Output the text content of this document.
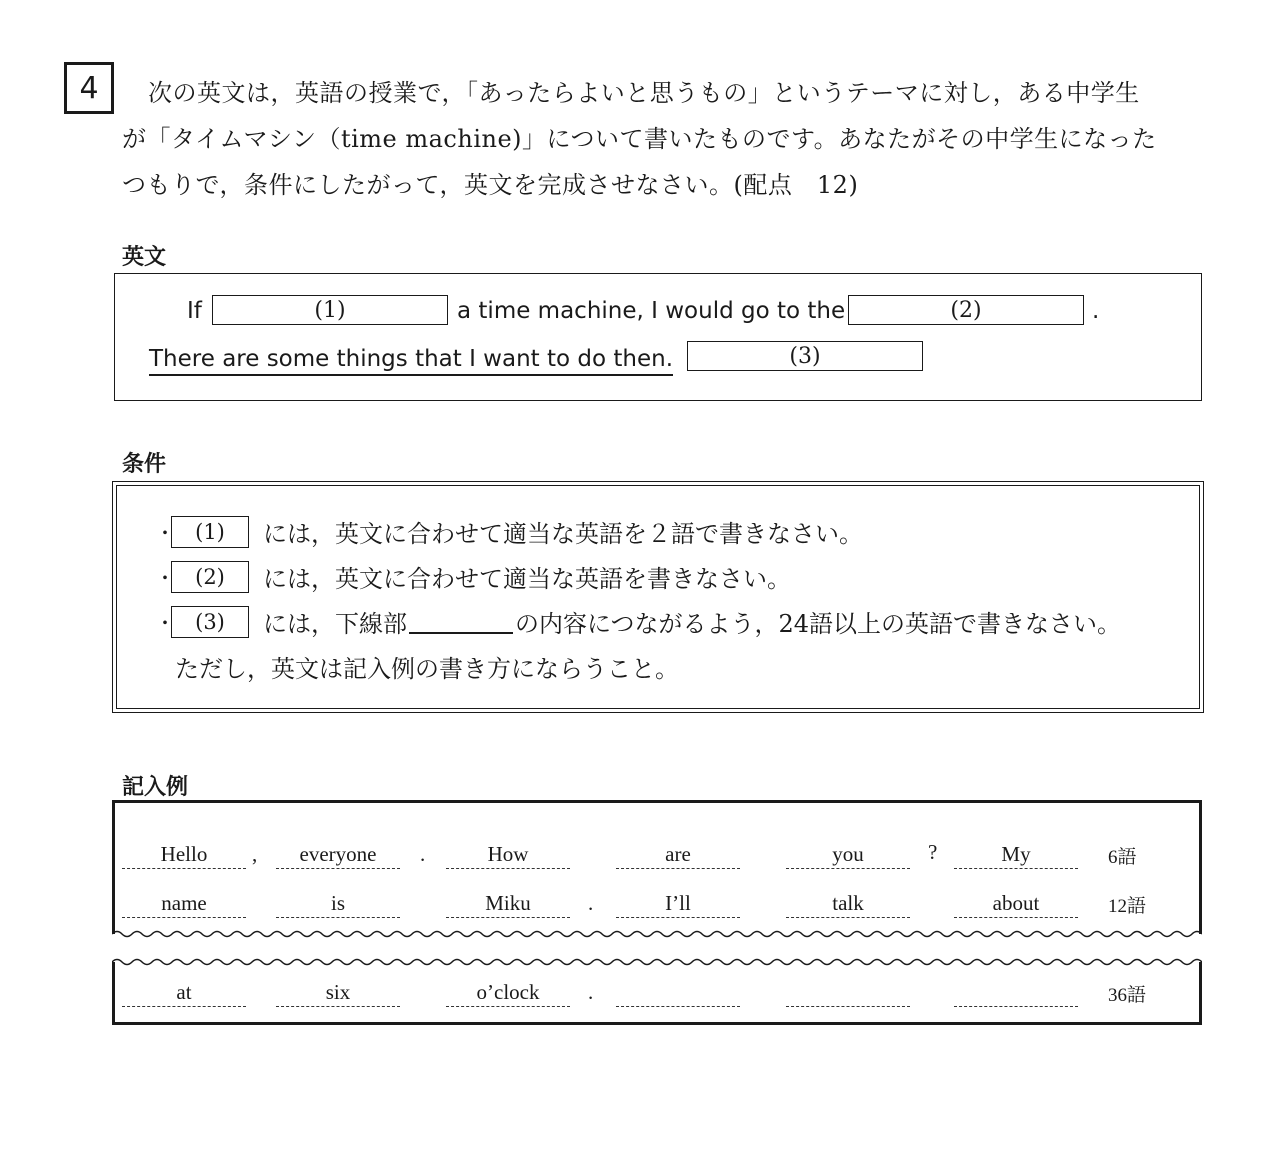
4	次の英文は，英語の授業で，「あったらよいと思うもの」というテーマに対し，ある中学生

が「タイムマシン（time machine)」について書いたものです。あなたがその中学生になった

つもりで，条件にしたがって，英文を完成させなさい。(配点　12)

英文
If	(1)	a time machine, I would go to the	(2)	.
There are some things that I want to do then.	(3)
条件
・ (1)	には，英文に合わせて適当な英語を２語で書きなさい。
・ (2)	には，英文に合わせて適当な英語を書きなさい。
・ (3)	には，下線部	の内容につながるよう，24語以上の英語で書きなさい。
ただし，英文は記入例の書き方にならうこと。
記入例
Hello	,	everyone	.	How	are	you	?	My	6語
name	is	Miku	.	I’ll	talk	about	12語
at	six	o’clock	.	36語
